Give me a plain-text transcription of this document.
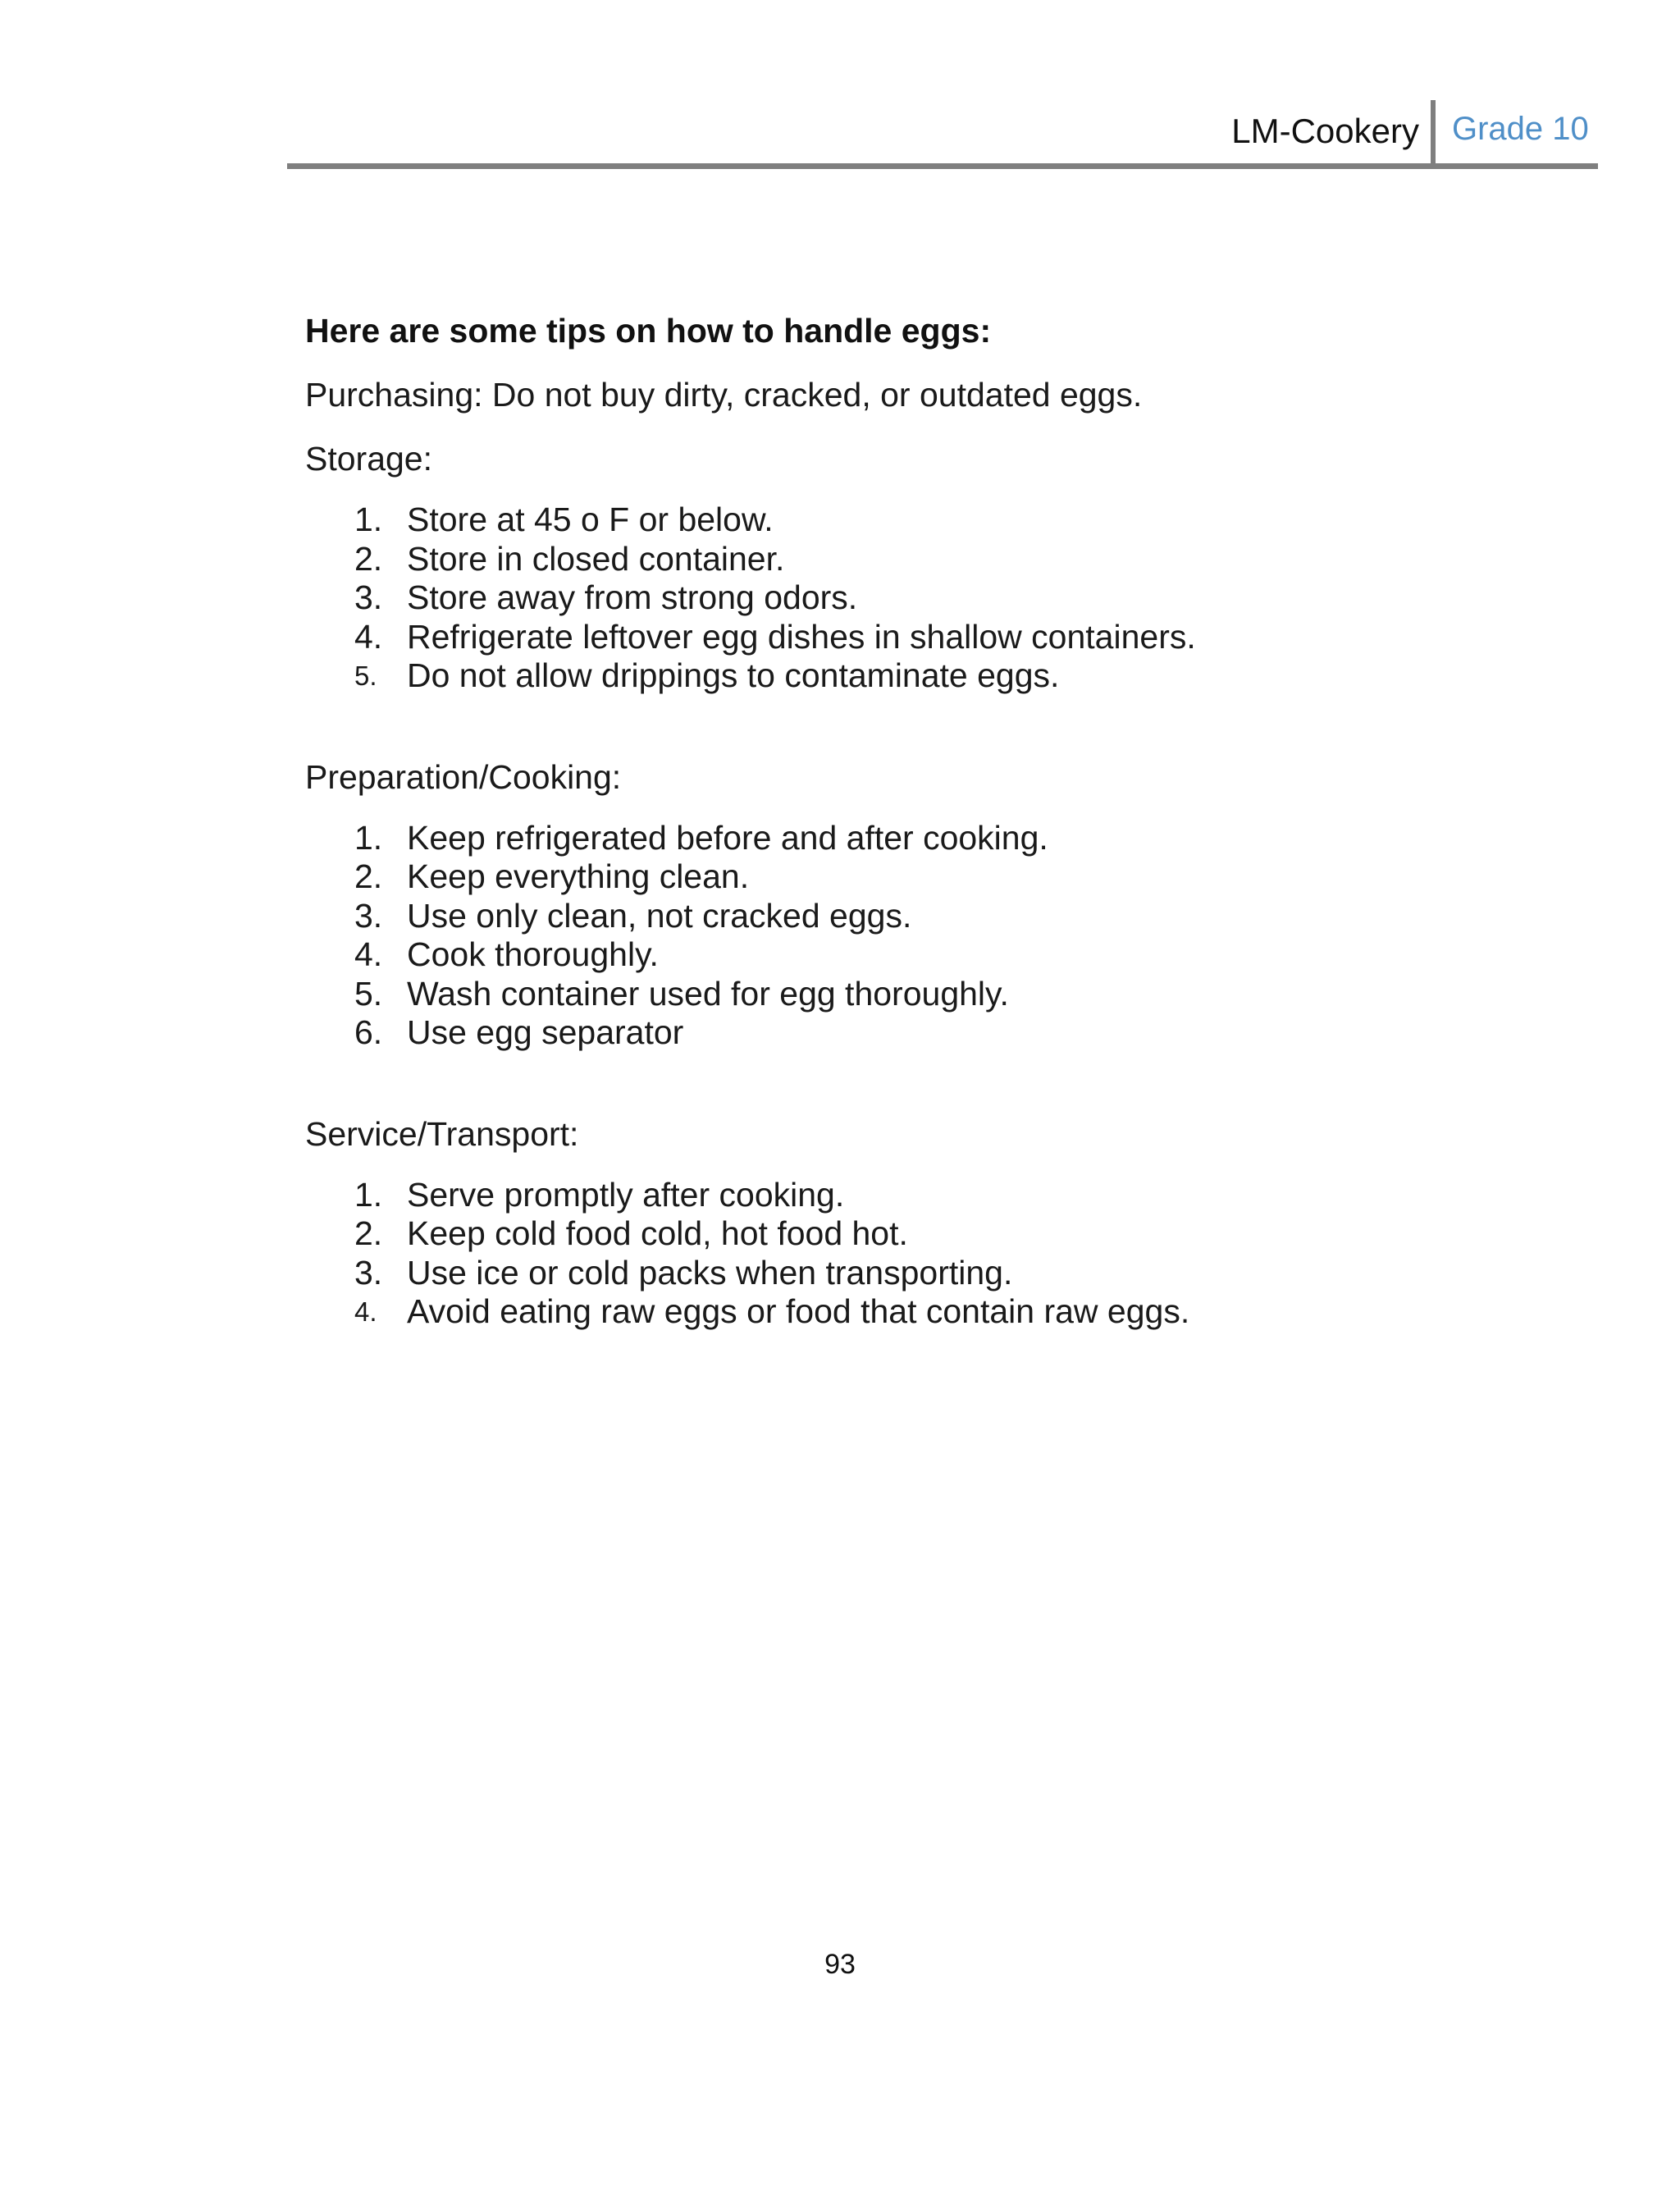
LM-Cookery Grade 10

Here are some tips on how to handle eggs:

Purchasing: Do not buy dirty, cracked, or outdated eggs.

Storage:

1. Store at 45 o F or below.
2. Store in closed container.
3. Store away from strong odors.
4. Refrigerate leftover egg dishes in shallow containers.
5. Do not allow drippings to contaminate eggs.

Preparation/Cooking:

1. Keep refrigerated before and after cooking.
2. Keep everything clean.
3. Use only clean, not cracked eggs.
4. Cook thoroughly.
5. Wash container used for egg thoroughly.
6. Use egg separator

Service/Transport:

1. Serve promptly after cooking.
2. Keep cold food cold, hot food hot.
3. Use ice or cold packs when transporting.
4. Avoid eating raw eggs or food that contain raw eggs.
93
